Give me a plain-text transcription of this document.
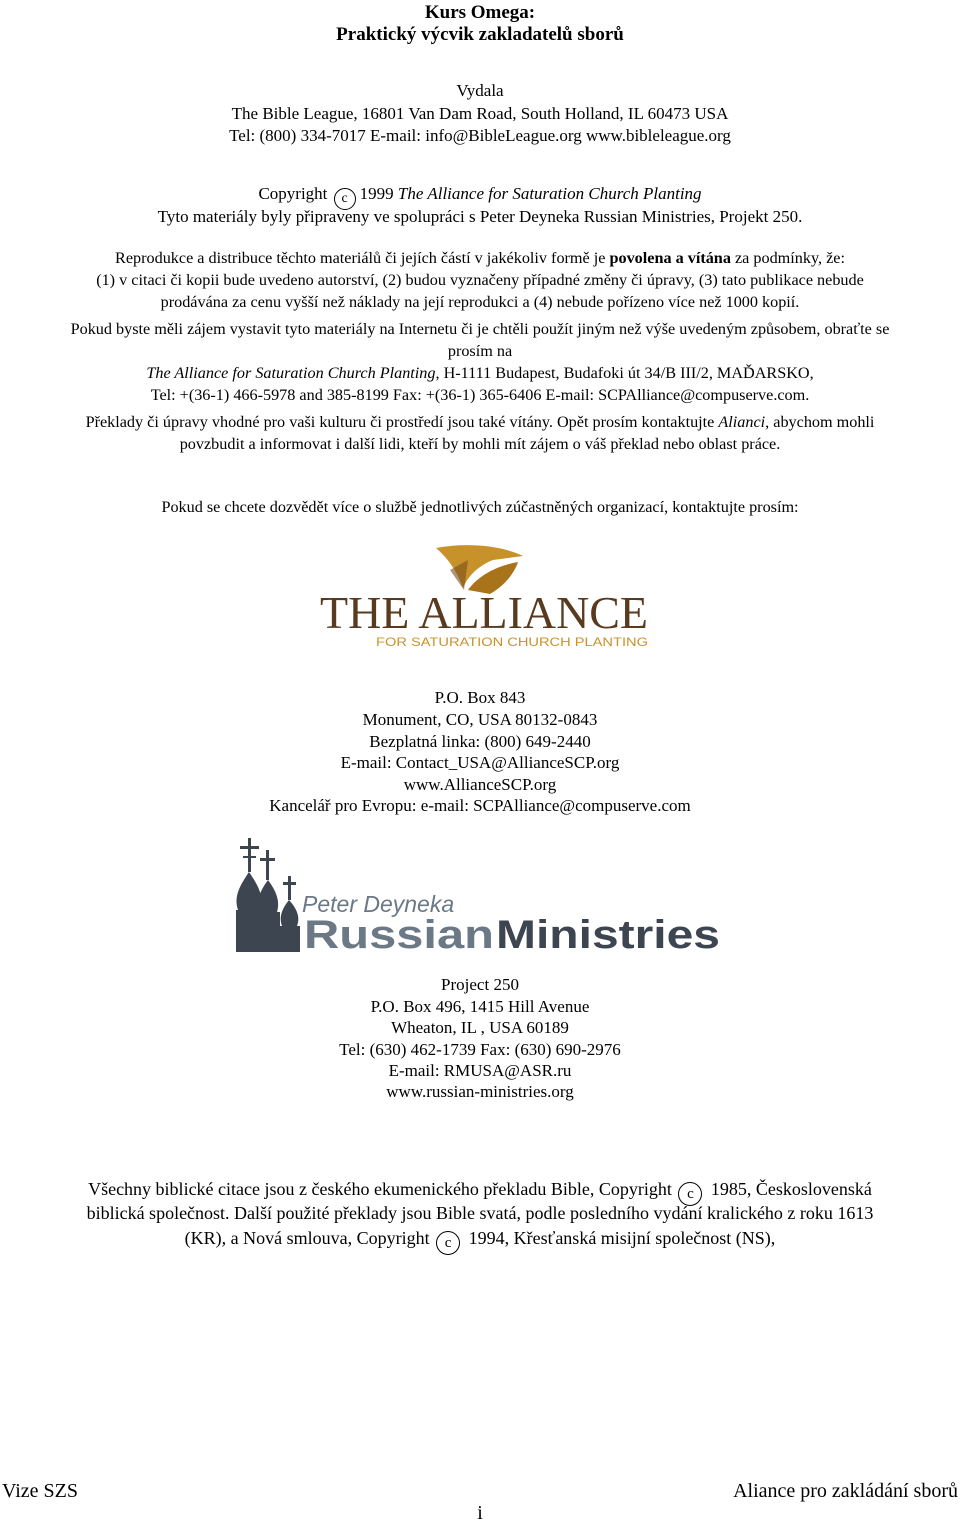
Kurs Omega:
Praktický výcvik zakladatelů sborů
Vydala
The Bible League, 16801 Van Dam Road, South Holland, IL 60473 USA
Tel: (800) 334-7017 E-mail: info@BibleLeague.org www.bibleleague.org
Copyright c 1999 The Alliance for Saturation Church Planting
Tyto materiály byly připraveny ve spolupráci s Peter Deyneka Russian Ministries, Projekt 250.
Reprodukce a distribuce těchto materiálů či jejích částí v jakékoliv formě je povolena a vítána za podmínky, že:
(1) v citaci či kopii bude uvedeno autorství, (2) budou vyznačeny případné změny či úpravy, (3) tato publikace nebude
prodávána za cenu vyšší než náklady na její reprodukci a (4) nebude pořízeno více než 1000 kopií.
Pokud byste měli zájem vystavit tyto materiály na Internetu či je chtěli použít jiným než výše uvedeným způsobem, obraťte se
prosím na
The Alliance for Saturation Church Planting, H-1111 Budapest, Budafoki út 34/B III/2, MAĎARSKO,
Tel: +(36-1) 466-5978 and 385-8199 Fax: +(36-1) 365-6406 E-mail: SCPAlliance@compuserve.com.
Překlady či úpravy vhodné pro vaši kulturu či prostředí jsou také vítány. Opět prosím kontaktujte Alianci, abychom mohli
povzbudit a informovat i další lidi, kteří by mohli mít zájem o váš překlad nebo oblast práce.
Pokud se chcete dozvědět více o službě jednotlivých zúčastněných organizací, kontaktujte prosím:
THE ALLIANCE
FOR SATURATION CHURCH PLANTING
P.O. Box 843
Monument, CO, USA 80132-0843
Bezplatná linka: (800) 649-2440
E-mail: Contact_USA@AllianceSCP.org
www.AllianceSCP.org
Kancelář pro Evropu: e-mail: SCPAlliance@compuserve.com
Peter Deyneka
Russian Ministries
Project 250
P.O. Box 496, 1415 Hill Avenue
Wheaton, IL , USA 60189
Tel: (630) 462-1739 Fax: (630) 690-2976
E-mail: RMUSA@ASR.ru
www.russian-ministries.org
Všechny biblické citace jsou z českého ekumenického překladu Bible, Copyright c 1985, Československá
biblická společnost. Další použité překlady jsou Bible svatá, podle posledního vydání kralického z roku 1613
(KR), a Nová smlouva, Copyright c 1994, Křesťanská misijní společnost (NS),
Vize SZS	Aliance pro zakládání sborů
i
